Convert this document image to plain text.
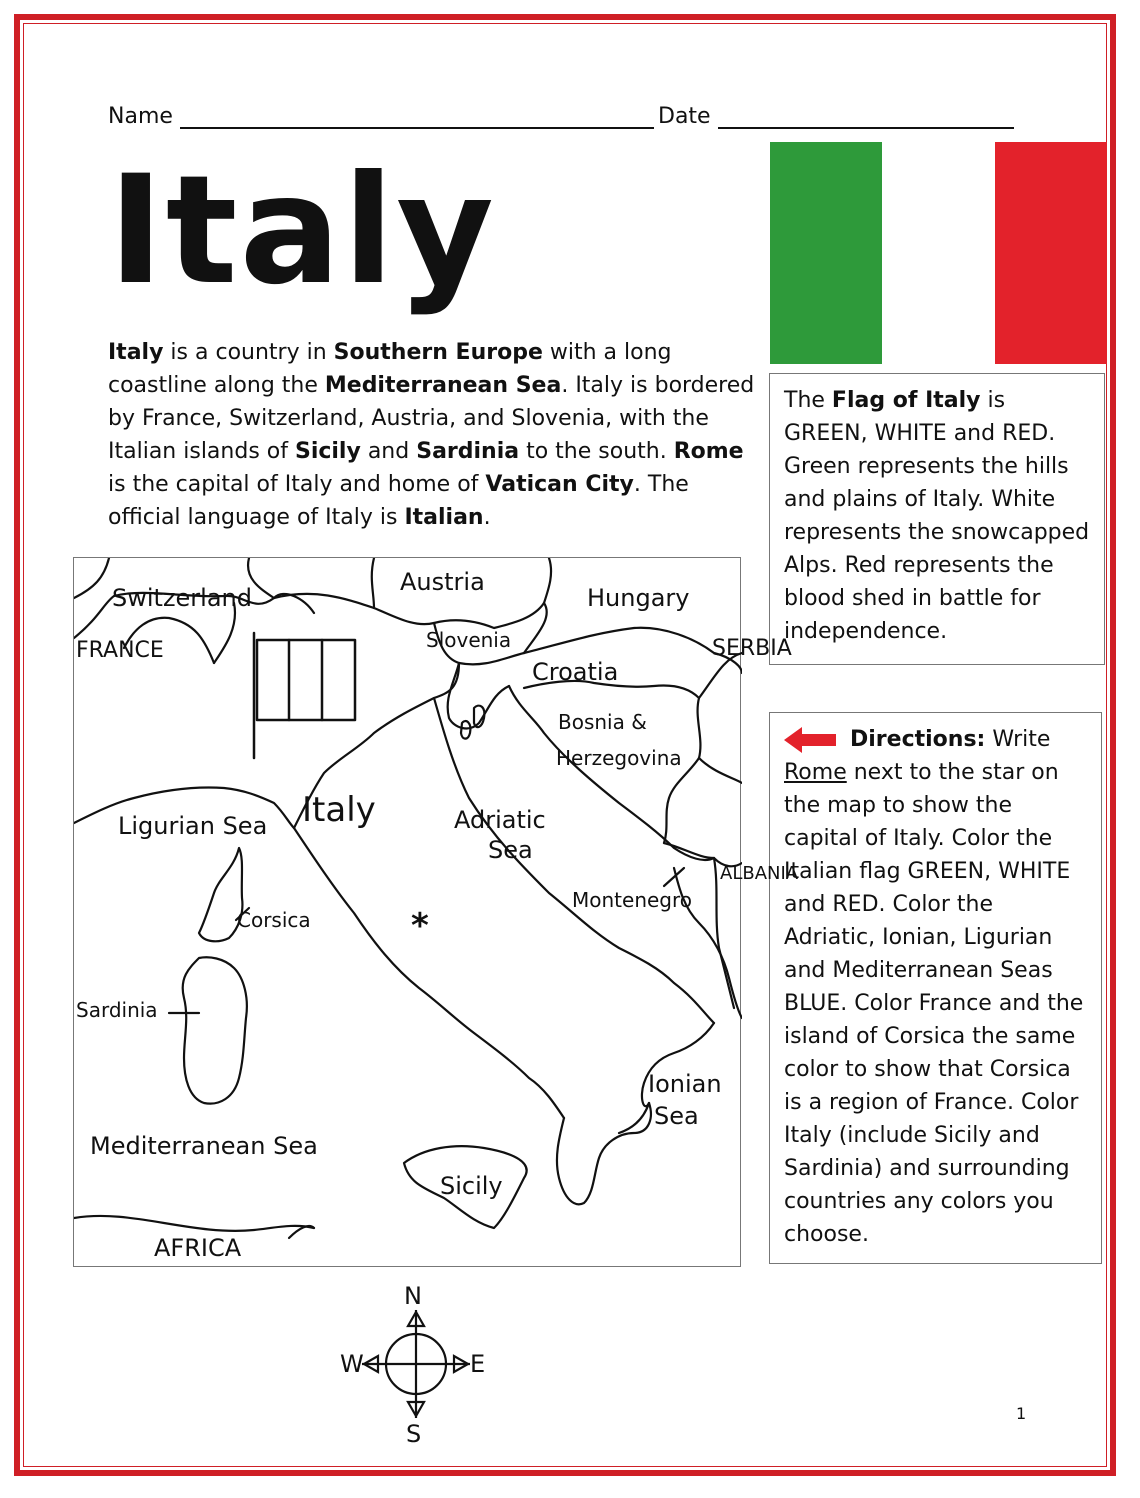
Name	Date
Italy
Italy is a country in Southern Europe with a long coastline along the Mediterranean Sea. Italy is bordered by France, Switzerland, Austria, and Slovenia, with the Italian islands of Sicily and Sardinia to the south. Rome is the capital of Italy and home of Vatican City. The official language of Italy is Italian.
The Flag of Italy is GREEN, WHITE and RED. Green represents the hills and plains of Italy. White represents the snowcapped Alps. Red represents the blood shed in battle for independence.
Directions: Write Rome next to the star on the map to show the capital of Italy. Color the Italian flag GREEN, WHITE and RED. Color the Adriatic, Ionian, Ligurian and Mediterranean Seas BLUE. Color France and the island of Corsica the same color to show that Corsica is a region of France. Color Italy (include Sicily and Sardinia) and surrounding countries any colors you choose.
Switzerland
Austria
Hungary
Slovenia
Croatia
Bosnia &
Herzegovina
FRANCE	SERBIA
Italy
Ligurian Sea	Adriatic
Sea
Montenegro
ALBANIA
Corsica
Sardinia
Ionian
Sea
Mediterranean Sea
Sicily
AFRICA
*
N
S
E
W
1
